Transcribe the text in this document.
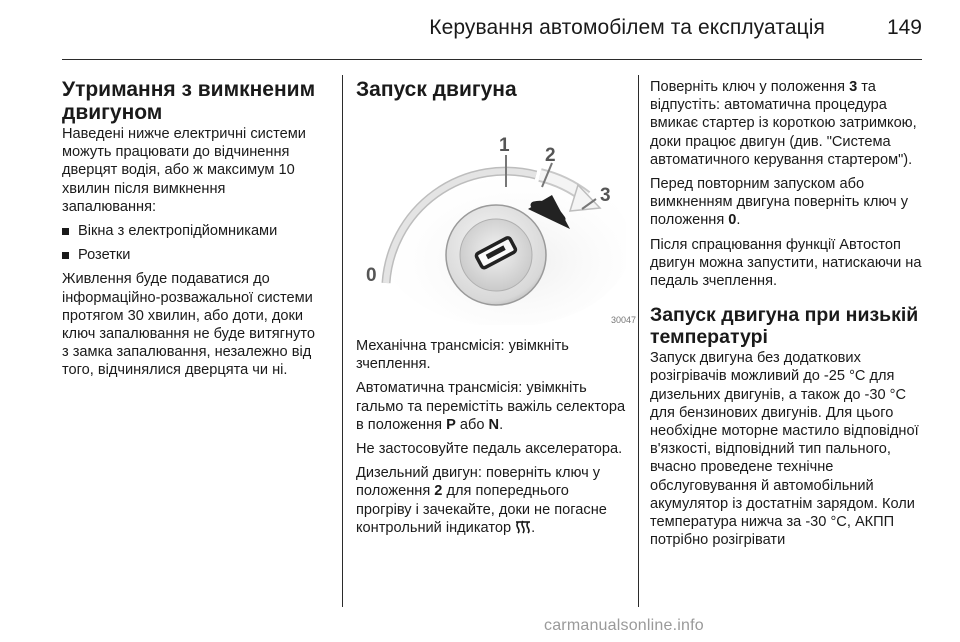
Керування автомобілем та експлуатація	149
Утримання з вимкненим двигуном
Наведені нижче електричні системи можуть працювати до відчинення дверцят водія, або ж максимум 10 хвилин після вимкнення запалювання:
Вікна з електропідйомниками
Розетки
Живлення буде подаватися до інформаційно-розважальної системи протягом 30 хвилин, або доти, доки ключ запалювання не буде витягнуто з замка запалювання, незалежно від того, відчинялися дверцята чи ні.
Запуск двигуна
0
1 2
3
30047
Механічна трансмісія: увімкніть зчеплення.
Автоматична трансмісія: увімкніть гальмо та перемістіть важіль селектора в положення P або N.
Не застосовуйте педаль акселератора.
Дизельний двигун: поверніть ключ у положення 2 для попереднього прогріву і зачекайте, доки не погасне контрольний індикатор .
Поверніть ключ у положення 3 та відпустіть: автоматична процедура вмикає стартер із короткою затримкою, доки працює двигун (див. "Система автоматичного керування стартером").
Перед повторним запуском або вимкненням двигуна поверніть ключ у положення 0.
Після спрацювання функції Автостоп двигун можна запустити, натискаючи на педаль зчеплення.
Запуск двигуна при низькій температурі
Запуск двигуна без додаткових розігрівачів можливий до -25 °C для дизельних двигунів, а також до -30 °C для бензинових двигунів. Для цього необхідне моторне мастило відповідної в'язкості, відповідний тип пального, вчасно проведене технічне обслуговування й автомобільний акумулятор із достатнім зарядом. Коли температура нижча за -30 °C, АКПП потрібно розігрівати
carmanualsonline.info
